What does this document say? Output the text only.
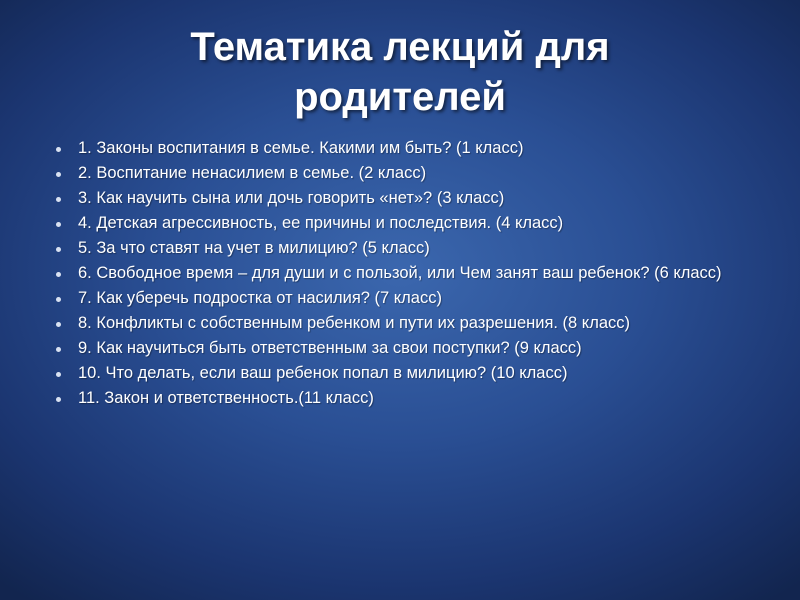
Тематика лекций для
родителей
1. Законы воспитания в семье. Какими им быть? (1 класс)
2. Воспитание ненасилием в семье. (2 класс)
3. Как научить сына или дочь говорить «нет»? (3 класс)
4. Детская агрессивность, ее причины и последствия. (4 класс)
5. За что ставят на учет в милицию? (5 класс)
6. Свободное время – для души и с пользой, или Чем занят ваш ребенок? (6 класс)
7. Как уберечь подростка от насилия? (7 класс)
8. Конфликты с собственным ребенком и пути их разрешения. (8 класс)
9. Как научиться быть ответственным за свои поступки? (9 класс)
10. Что делать, если ваш ребенок попал в милицию? (10 класс)
11. Закон и ответственность.(11 класс)
